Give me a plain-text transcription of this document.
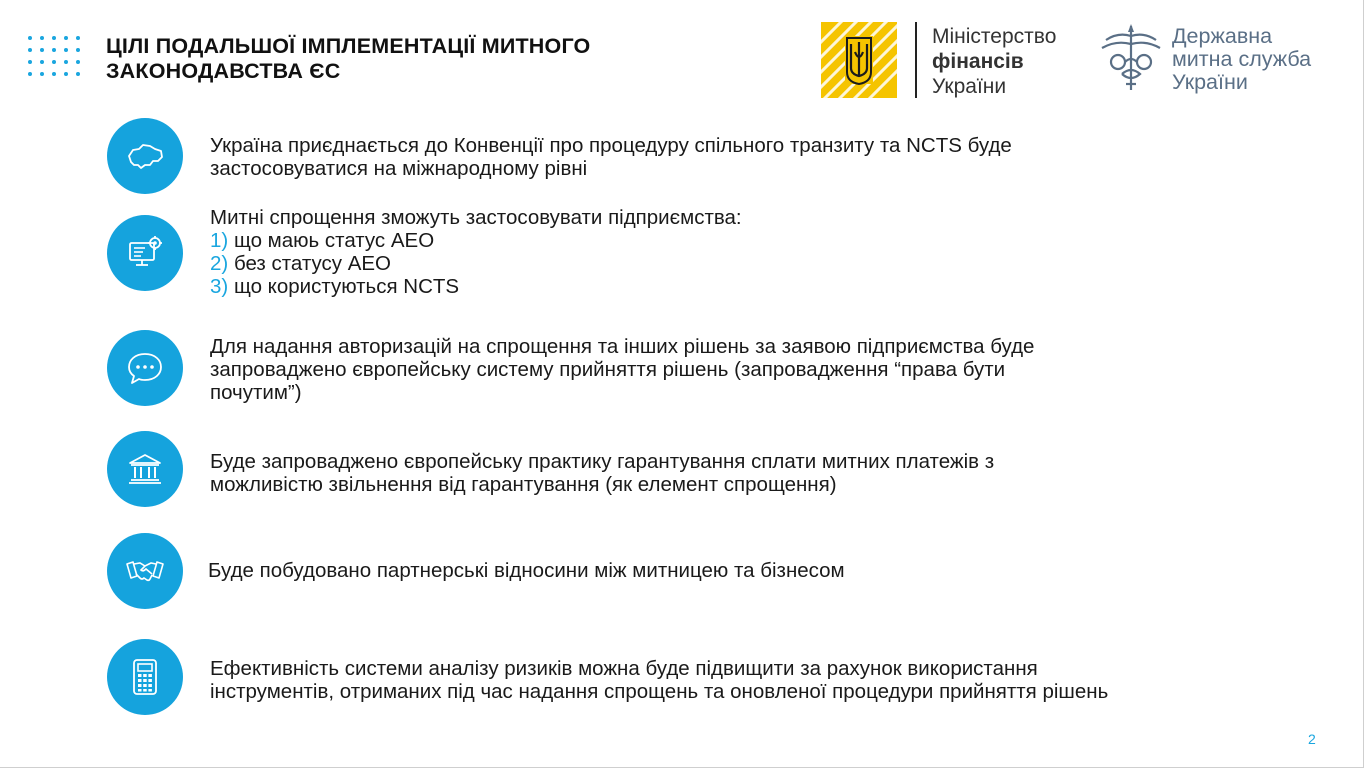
ЦІЛІ ПОДАЛЬШОЇ ІМПЛЕМЕНТАЦІЇ МИТНОГО
ЗАКОНОДАВСТВА ЄС
Міністерство
фінансів
України
Державна
митна служба
України
Україна приєднається до Конвенції про процедуру спільного транзиту та NCTS буде
застосовуватися на міжнародному рівні
Митні спрощення зможуть застосовувати підприємства:
1) що маюь статус АЕО
2) без статусу АЕО
3) що користуються NCTS
Для надання авторизацій на спрощення та інших рішень за заявою підприємства буде
запроваджено європейську систему прийняття рішень (запровадження “права бути
почутим”)
Буде запроваджено європейську практику гарантування сплати митних платежів з
можливістю звільнення від гарантування (як елемент спрощення)
Буде побудовано партнерські відносини між митницею та бізнесом
Ефективність системи аналізу ризиків можна буде підвищити за рахунок використання
інструментів, отриманих під час надання спрощень та оновленої процедури прийняття рішень
2
